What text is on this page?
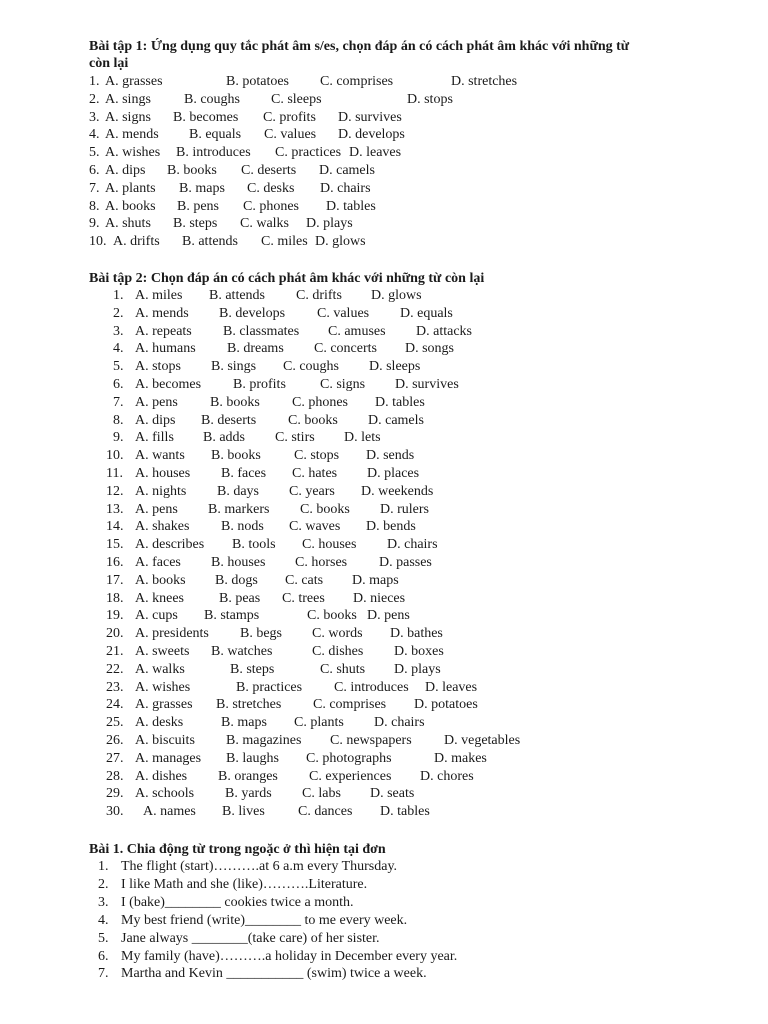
Bài tập 1: Ứng dụng quy tắc phát âm s/es, chọn đáp án có cách phát âm khác với những từ
còn lại
1. A. grasses	B. potatoes C. comprises	D. stretches
2. A. sings B. coughs C. sleeps	D. stops
3. A. signs B. becomes C. profits D. survives
4. A. mends B. equals C. values D. develops
5. A. wishes B. introduces C. practices D. leaves
6. A. dips B. books C. deserts D. camels
7. A. plants B. maps C. desks D. chairs
8. A. books B. pens C. phones D. tables
9. A. shuts B. steps C. walks D. plays
10. A. drifts B. attends C. miles D. glows
Bài tập 2: Chọn đáp án có cách phát âm khác với những từ còn lại
1. A. miles B. attends C. drifts D. glows
2. A. mends B. develops C. values D. equals
3. A. repeats B. classmates C. amuses D. attacks
4. A. humans B. dreams C. concerts D. songs
5. A. stops B. sings C. coughs D. sleeps
6. A. becomes B. profits C. signs D. survives
7. A. pens B. books C. phones D. tables
8. A. dips B. deserts C. books D. camels
9. A. fills B. adds C. stirs D. lets
10. A. wants B. books C. stops D. sends
11. A. houses B. faces C. hates D. places
12. A. nights B. days C. years D. weekends
13. A. pens B. markers C. books D. rulers
14. A. shakes B. nods C. waves D. bends
15. A. describes B. tools C. houses D. chairs
16. A. faces B. houses C. horses D. passes
17. A. books B. dogs C. cats D. maps
18. A. knees	B. peas C. trees D. nieces
19. A. cups B. stamps	C. books D. pens
20. A. presidents B. begs C. words D. bathes
21. A. sweets B. watches	C. dishes D. boxes
22. A. walks	B. steps	C. shuts D. plays
23. A. wishes	B. practices C. introduces D. leaves
24. A. grasses B. stretches C. comprises D. potatoes
25. A. desks	B. maps C. plants D. chairs
26. A. biscuits B. magazines C. newspapers D. vegetables
27. A. manages B. laughs C. photographs	D. makes
28. A. dishes B. oranges C. experiences D. chores
29. A. schools B. yards C. labs D. seats
30. A. names B. lives C. dances D. tables
Bài 1. Chia động từ trong ngoặc ở thì hiện tại đơn
1. The flight (start)……….at 6 a.m every Thursday.
2. I like Math and she (like)……….Literature.
3. I (bake)________ cookies twice a month.
4. My best friend (write)________ to me every week.
5. Jane always ________(take care) of her sister.
6. My family (have)……….a holiday in December every year.
7. Martha and Kevin ___________ (swim) twice a week.
